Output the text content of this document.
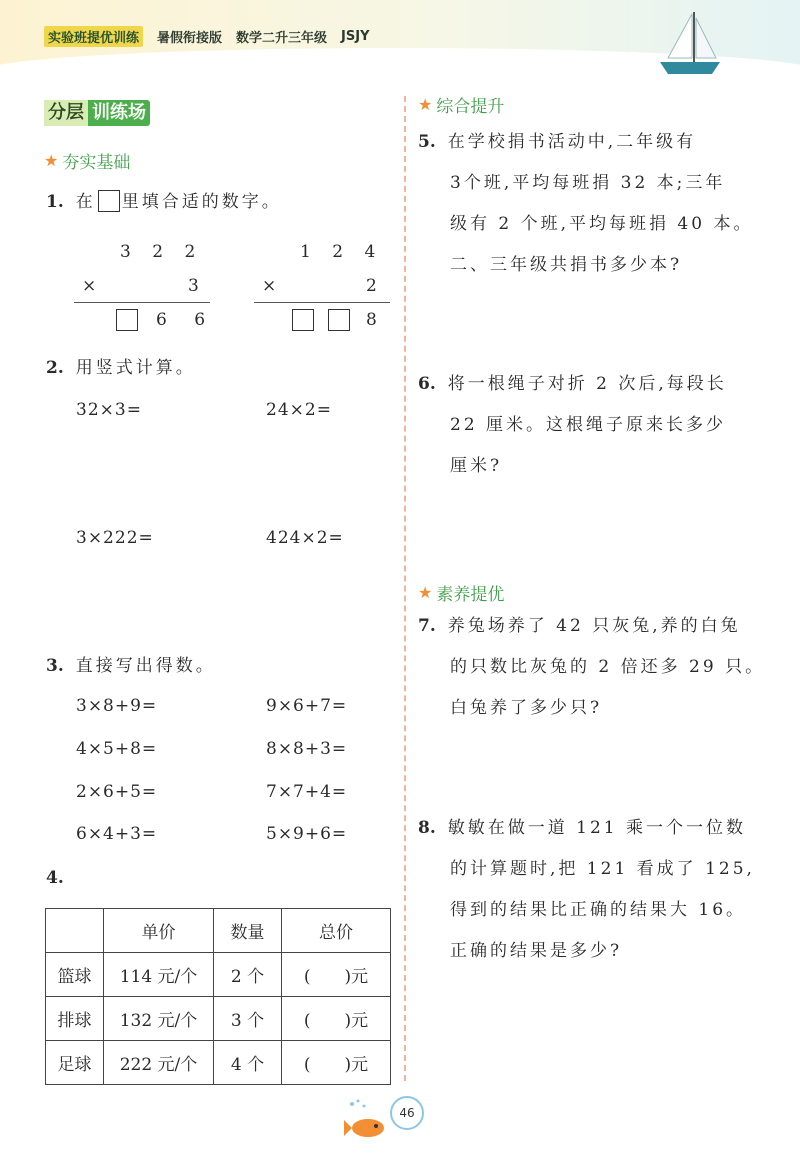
实验班提优训练	暑假衔接版 数学二升三年级 JSJY
分层 训练场
★ 夯实基础
1. 在 里填合适的数字。
3 2 2
×	3
6 6
1 2 4
×	2
8
2. 用竖式计算。
32×3=	24×2=
3×222=	424×2=
3. 直接写出得数。
3×8+9=	9×6+7=
4×5+8=	8×8+3=
2×6+5=	7×7+4=
6×4+3=	5×9+6=
4.
	单价	数量	总价
篮球	114 元/个	2 个	(　　)元
排球	132 元/个	3 个	(　　)元
足球	222 元/个	4 个	(　　)元
★ 综合提升
5. 在学校捐书活动中,二年级有
3个班,平均每班捐 32 本;三年
级有 2 个班,平均每班捐 40 本。
二、三年级共捐书多少本?
6. 将一根绳子对折 2 次后,每段长
22 厘米。这根绳子原来长多少
厘米?
★ 素养提优
7. 养兔场养了 42 只灰兔,养的白兔
的只数比灰兔的 2 倍还多 29 只。
白兔养了多少只?
8. 敏敏在做一道 121 乘一个一位数
的计算题时,把 121 看成了 125,
得到的结果比正确的结果大 16。
正确的结果是多少?
46
